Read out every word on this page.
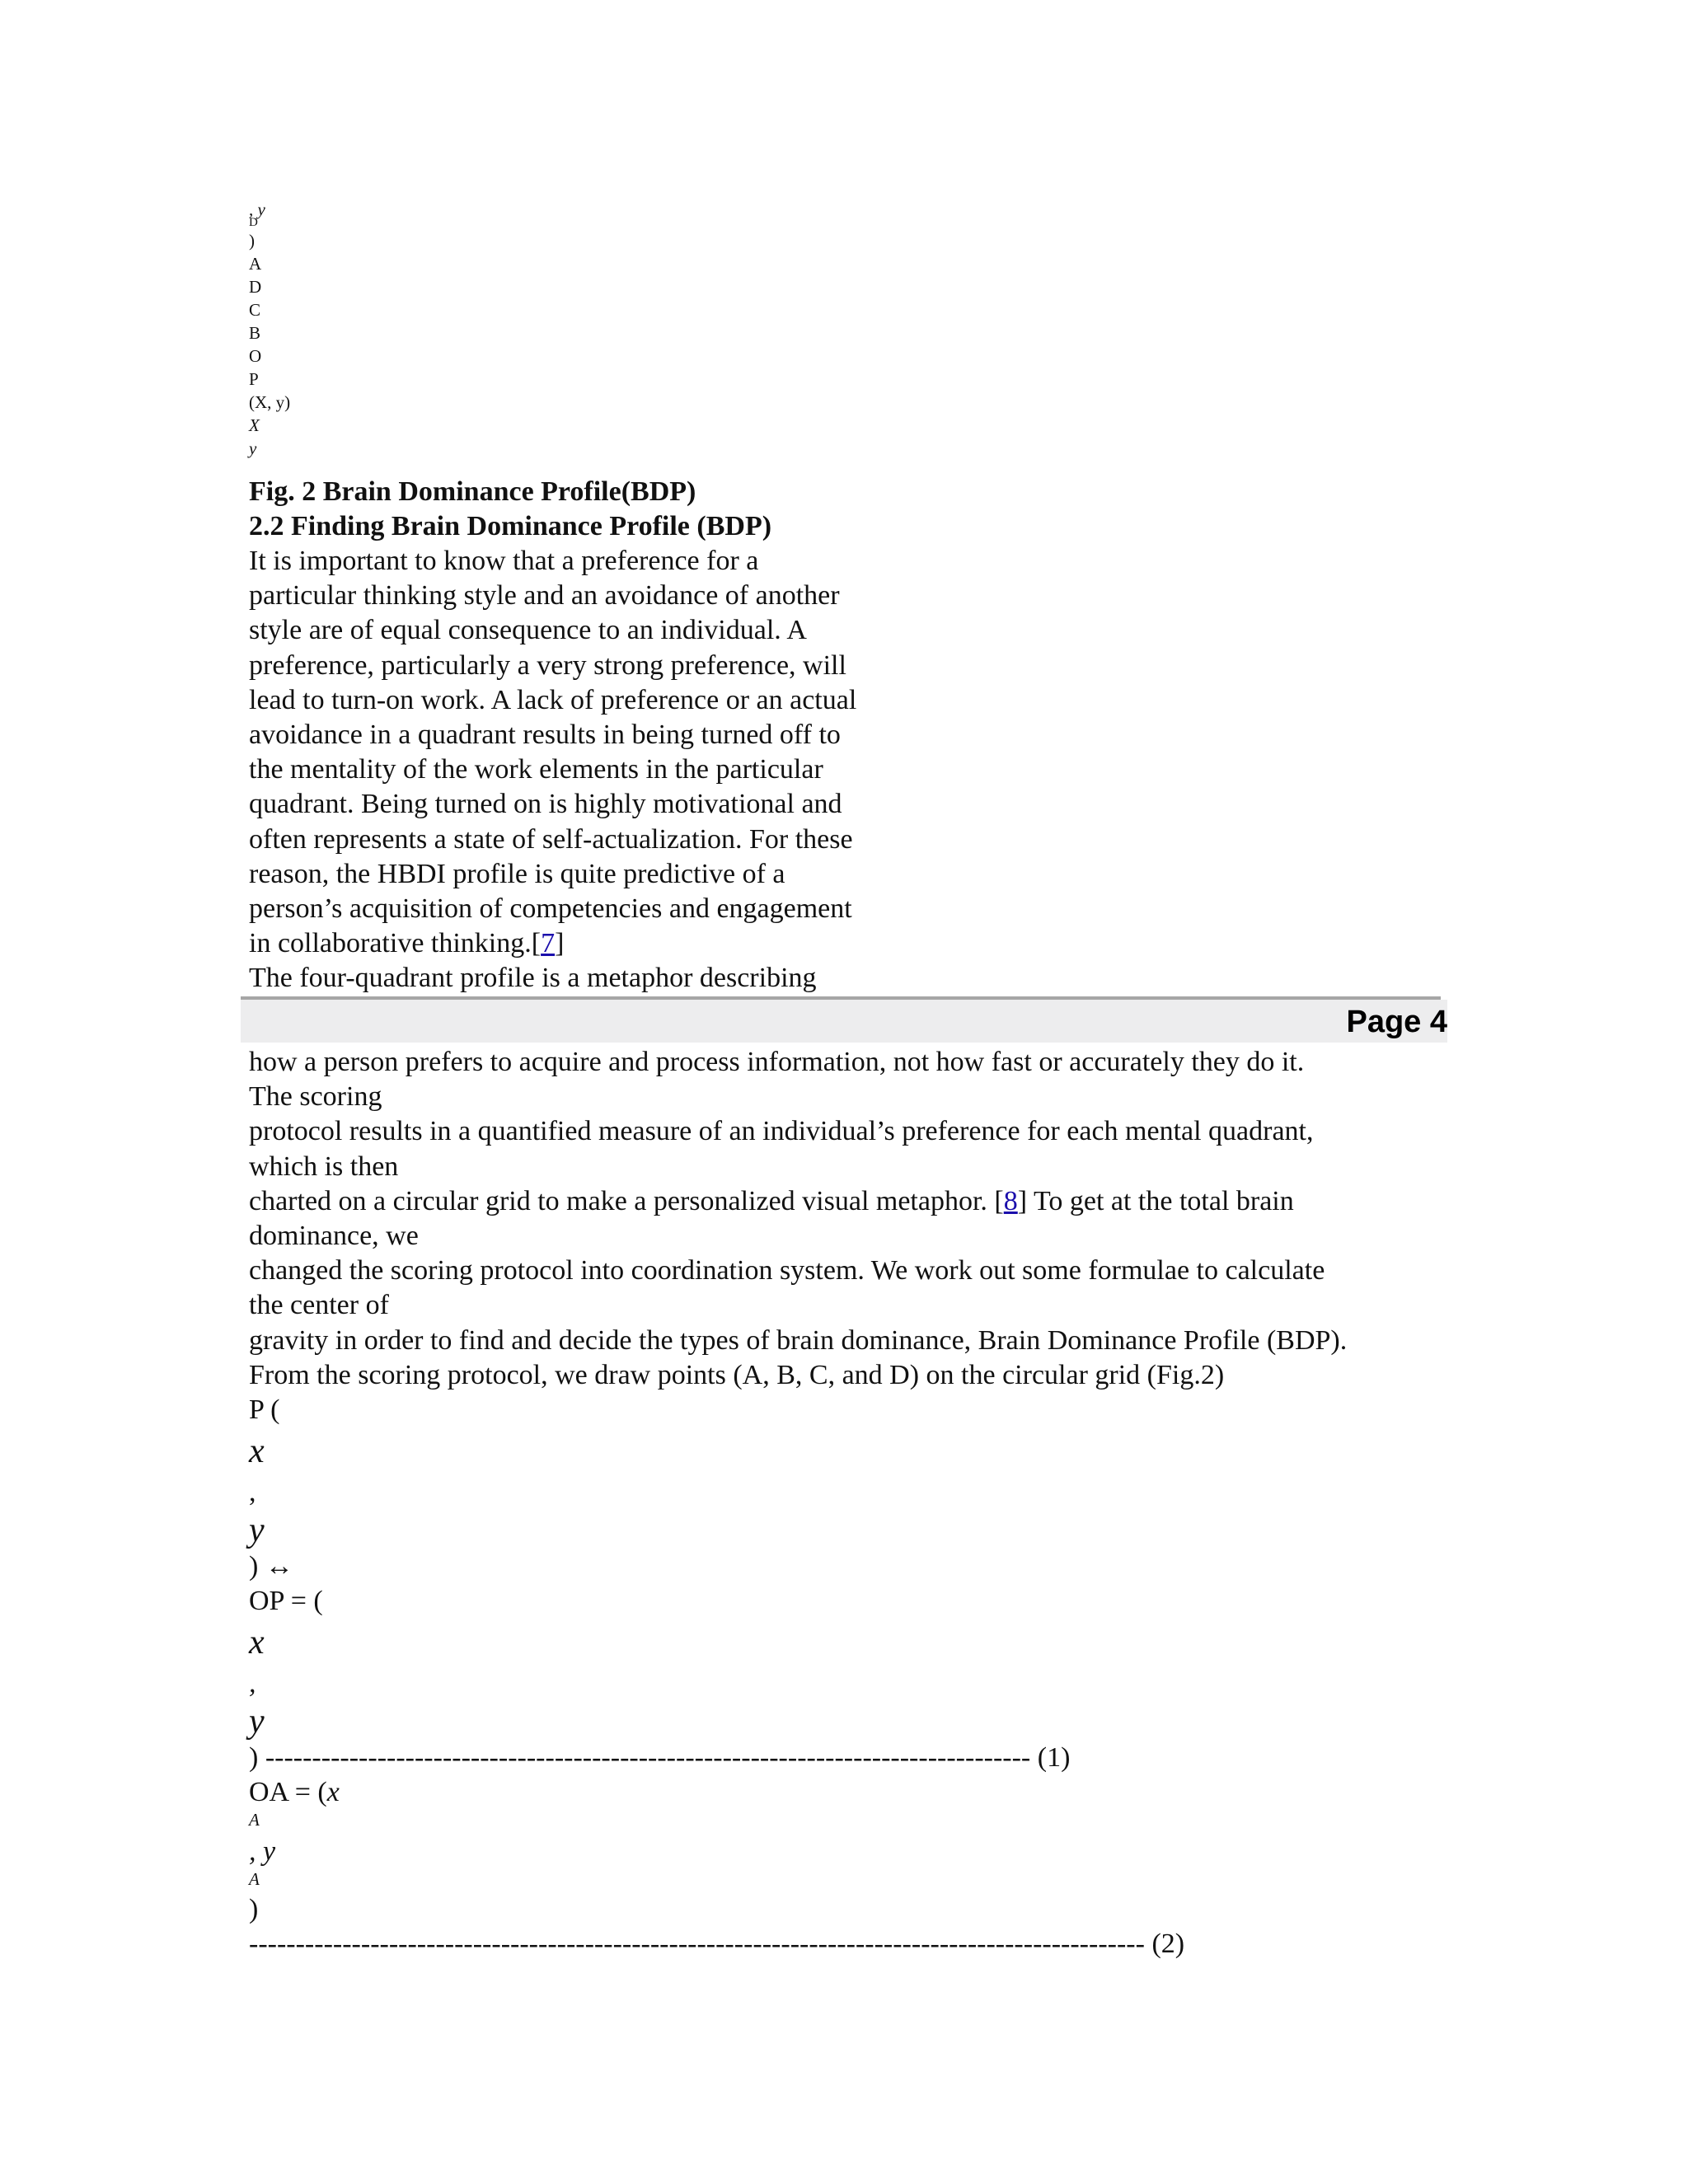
, y
D
)
A
D
C
B
O
P
(X, y)
X
y
Fig. 2 Brain Dominance Profile(BDP)
2.2 Finding Brain Dominance Profile (BDP)
It is important to know that a preference for a
particular thinking style and an avoidance of another
style are of equal consequence to an individual. A
preference, particularly a very strong preference, will
lead to turn-on work. A lack of preference or an actual
avoidance in a quadrant results in being turned off to
the mentality of the work elements in the particular
quadrant. Being turned on is highly motivational and
often represents a state of self-actualization. For these
reason, the HBDI profile is quite predictive of a
person’s acquisition of competencies and engagement
in collaborative thinking.[7]
The four-quadrant profile is a metaphor describing
Page 4
how a person prefers to acquire and process information, not how fast or accurately they do it.
The scoring
protocol results in a quantified measure of an individual’s preference for each mental quadrant,
which is then
charted on a circular grid to make a personalized visual metaphor. [8] To get at the total brain
dominance, we
changed the scoring protocol into coordination system. We work out some formulae to calculate
the center of
gravity in order to find and decide the types of brain dominance, Brain Dominance Profile (BDP).
From the scoring protocol, we draw points (A, B, C, and D) on the circular grid (Fig.2)
P (
x
,
y
) ↔
OP = (
x
,
y
) ---------------------------------------------------------------------------------- (1)
OA = (x
A
, y
A
)
------------------------------------------------------------------------------------------------ (2)
